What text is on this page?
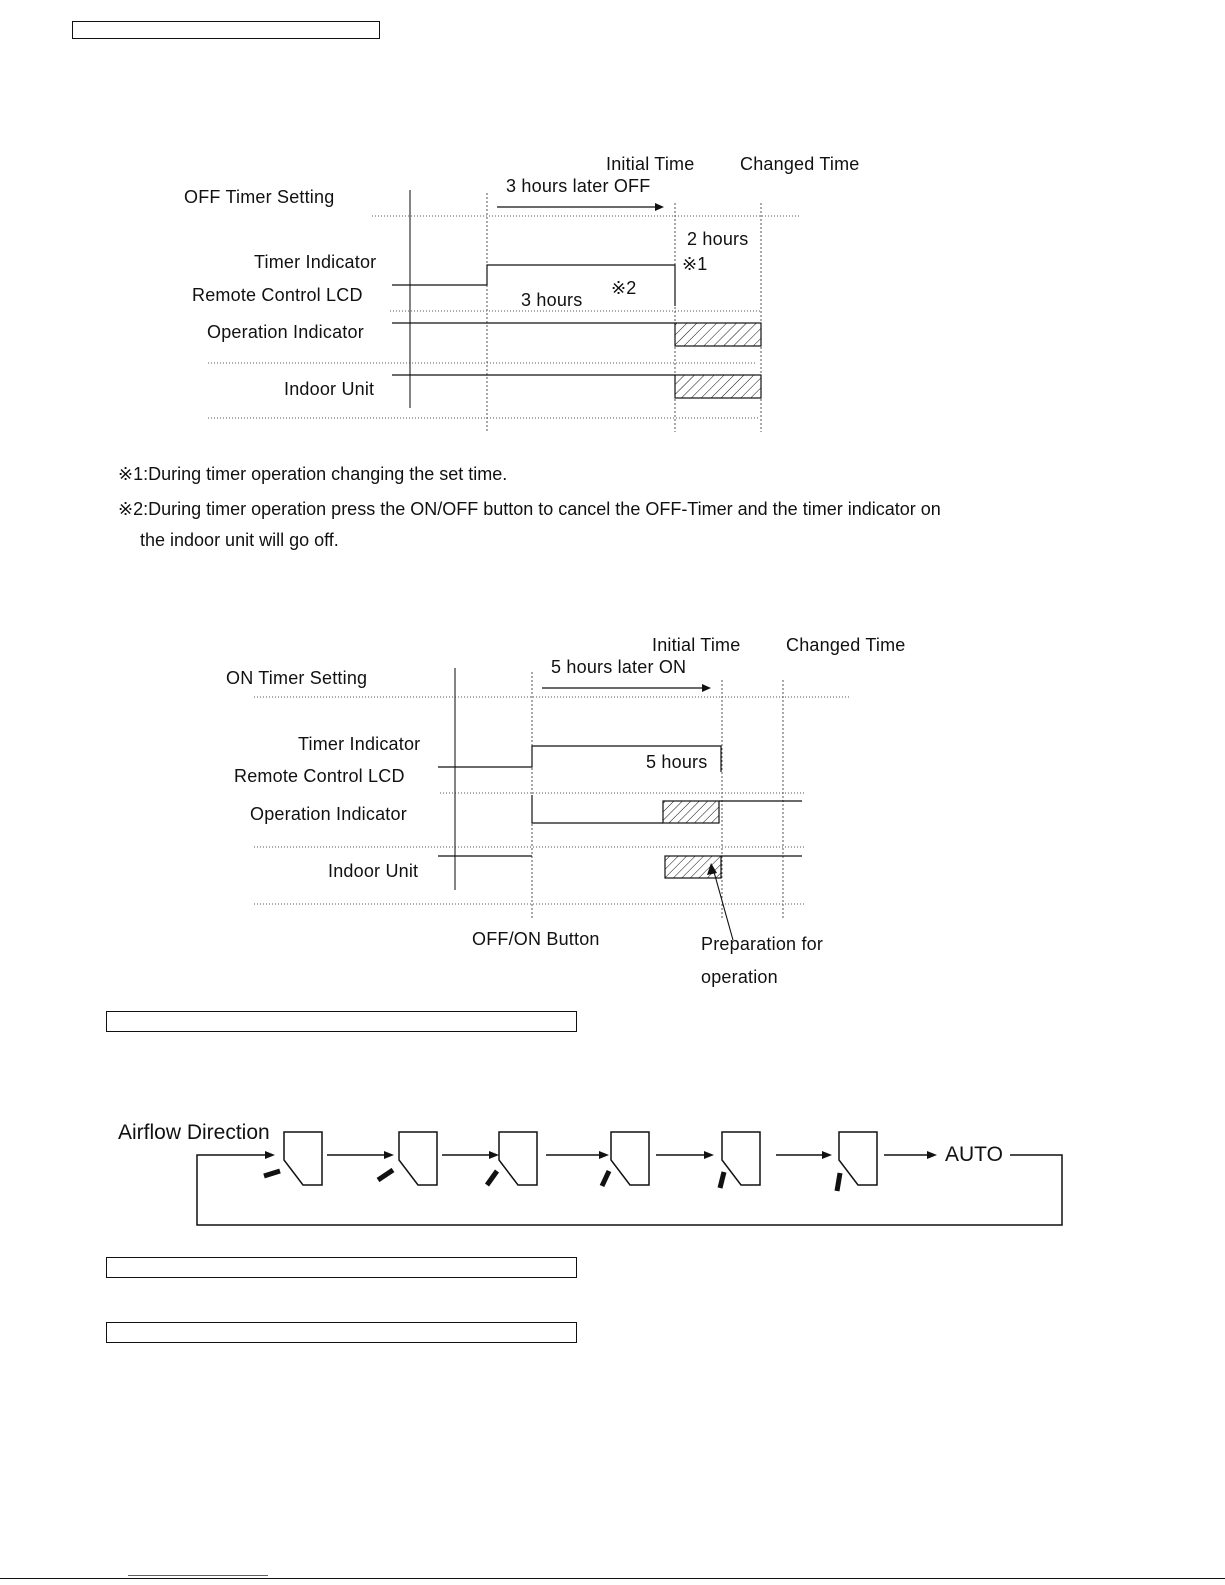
Initial Time	Changed Time
OFF Timer Setting
3 hours later OFF
2 hours
※1
Timer Indicator
Remote Control LCD	3 hours
※2
Operation Indicator
Indoor Unit
※1:During timer operation changing the set time.
※2:During timer operation press the ON/OFF button to cancel the OFF-Timer and the timer indicator on
the indoor unit will go off.
Initial Time	Changed Time
ON Timer Setting
5 hours later ON
Timer Indicator
5 hours
Remote Control LCD
Operation Indicator
Indoor Unit
OFF/ON Button	Preparation for
operation
Airflow Direction
AUTO
